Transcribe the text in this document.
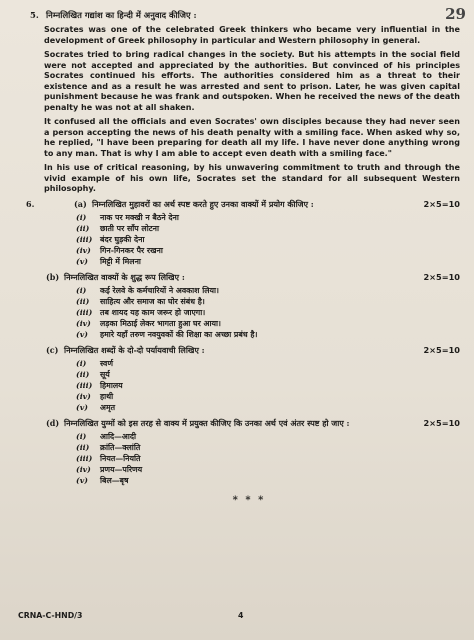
29
5. निम्नलिखित गद्यांश का हिन्दी में अनुवाद कीजिए :

Socrates was one of the celebrated Greek thinkers who became very influential in the development of Greek philosophy in particular and Western philosophy in general.

Socrates tried to bring radical changes in the society. But his attempts in the social field were not accepted and appreciated by the authorities. But convinced of his principles Socrates continued his efforts. The authorities considered him as a threat to their existence and as a result he was arrested and sent to prison. Later, he was given capital punishment because he was frank and outspoken. When he received the news of the death penalty he was not at all shaken.

It confused all the officials and even Socrates' own disciples because they had never seen a person accepting the news of his death penalty with a smiling face. When asked why so, he replied, "I have been preparing for death all my life. I have never done anything wrong to any man. That is why I am able to accept even death with a smiling face."

In his use of critical reasoning, by his unwavering commitment to truth and through the vivid example of his own life, Socrates set the standard for all subsequent Western philosophy.

6.	(a) निम्नलिखित मुहावरों का अर्थ स्पष्ट करते हुए उनका वाक्यों में प्रयोग कीजिए :	2×5=10
(i)	नाक पर मक्खी न बैठने देना
(ii)	छाती पर साँप लोटना
(iii) बंदर घुड़की देना
(iv)	गिन-गिनकर पैर रखना
(v)	मिट्टी में मिलना
(b) निम्नलिखित वाक्यों के शुद्ध रूप लिखिए :	2×5=10
(i)	कई रेलवे के कर्मचारियों ने अवकाश लिया।
(ii)	साहित्य और समाज का घोर संबंध है।
(iii) तब शायद यह काम जरूर हो जाएगा।
(iv)	लड़का मिठाई लेकर भागता हुआ घर आया।
(v)	हमारे यहाँ तरुण नवयुवकों की शिक्षा का अच्छा प्रबंध है।
(c) निम्नलिखित शब्दों के दो-दो पर्यायवाची लिखिए :	2×5=10
(i)	स्वर्ण
(ii)	सूर्य
(iii) हिमालय
(iv)	हाथी
(v)	अमृत
(d) निम्नलिखित युग्मों को इस तरह से वाक्य में प्रयुक्त कीजिए कि उनका अर्थ एवं अंतर स्पष्ट हो जाए :	2×5=10
(i)	आदि—आदी
(ii)	क्रांति—क्लांति
(iii) नियत—नियति
(iv)	प्रणय—परिणय
(v)	बिल—बृष
* * *
CRNA-C-HND/3	4
